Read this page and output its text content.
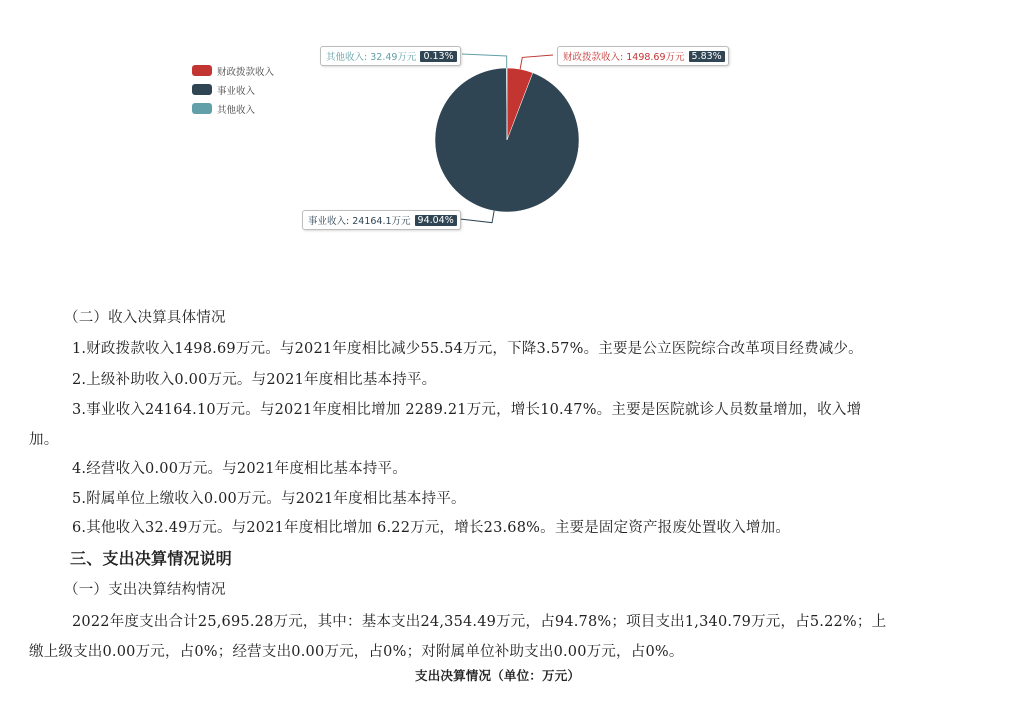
财政拨款收入
事业收入
其他收入
其他收入:
32.49万元 0.13%	财政拨款收入:
1498.69万元 5.83%
事业收入:
24164.1万元 94.04%
（二）收入决算具体情况
1.财政拨款收入1498.69万元。与2021年度相比减少55.54万元，下降3.57%。主要是公立医院综合改革项目经费减少。
2.上级补助收入0.00万元。与2021年度相比基本持平。
3.事业收入24164.10万元。与2021年度相比增加 2289.21万元，增长10.47%。主要是医院就诊人员数量增加，收入增
加。
4.经营收入0.00万元。与2021年度相比基本持平。
5.附属单位上缴收入0.00万元。与2021年度相比基本持平。
6.其他收入32.49万元。与2021年度相比增加 6.22万元，增长23.68%。主要是固定资产报废处置收入增加。
三、支出决算情况说明
（一）支出决算结构情况
2022年度支出合计25,695.28万元，其中：基本支出24,354.49万元，占94.78%；项目支出1,340.79万元，占5.22%；上
缴上级支出0.00万元，占0%；经营支出0.00万元，占0%；对附属单位补助支出0.00万元，占0%。
支出决算情况（单位：万元）
